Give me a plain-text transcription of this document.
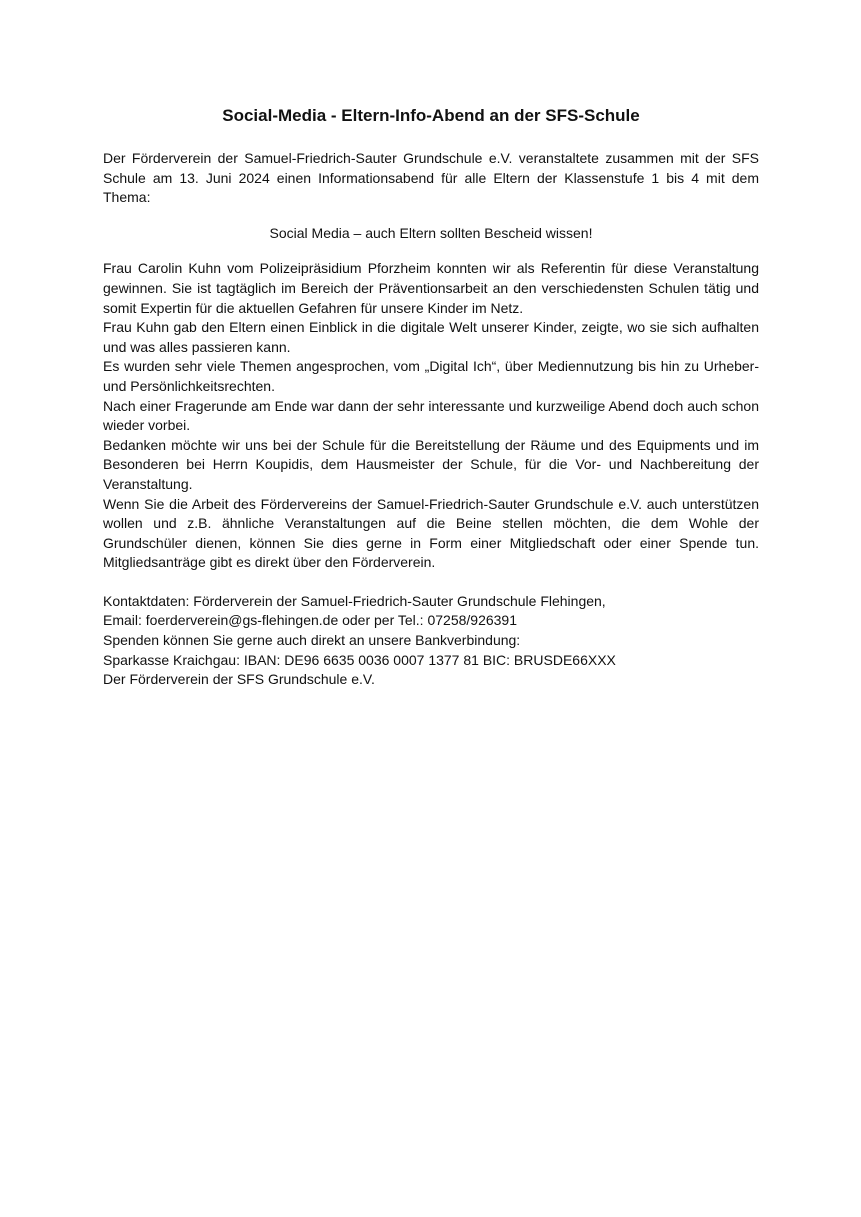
Social-Media - Eltern-Info-Abend an der SFS-Schule

Der Förderverein der Samuel-Friedrich-Sauter Grundschule e.V. veranstaltete zusammen mit der SFS Schule am 13. Juni 2024 einen Informationsabend für alle Eltern der Klassenstufe 1 bis 4 mit dem Thema:

Social Media – auch Eltern sollten Bescheid wissen!

Frau Carolin Kuhn vom Polizeipräsidium Pforzheim konnten wir als Referentin für diese Veranstaltung gewinnen. Sie ist tagtäglich im Bereich der Präventionsarbeit an den verschiedensten Schulen tätig und somit Expertin für die aktuellen Gefahren für unsere Kinder im Netz.

Frau Kuhn gab den Eltern einen Einblick in die digitale Welt unserer Kinder, zeigte, wo sie sich aufhalten und was alles passieren kann.

Es wurden sehr viele Themen angesprochen, vom „Digital Ich“, über Mediennutzung bis hin zu Urheber- und Persönlichkeitsrechten.

Nach einer Fragerunde am Ende war dann der sehr interessante und kurzweilige Abend doch auch schon wieder vorbei.

Bedanken möchte wir uns bei der Schule für die Bereitstellung der Räume und des Equipments und im Besonderen bei Herrn Koupidis, dem Hausmeister der Schule, für die Vor- und Nachbereitung der Veranstaltung.

Wenn Sie die Arbeit des Fördervereins der Samuel-Friedrich-Sauter Grundschule e.V. auch unterstützen wollen und z.B. ähnliche Veranstaltungen auf die Beine stellen möchten, die dem Wohle der Grundschüler dienen, können Sie dies gerne in Form einer Mitgliedschaft oder einer Spende tun. Mitgliedsanträge gibt es direkt über den Förderverein.

Kontaktdaten: Förderverein der Samuel-Friedrich-Sauter Grundschule Flehingen,

Email: foerderverein@gs-flehingen.de oder per Tel.: 07258/926391

Spenden können Sie gerne auch direkt an unsere Bankverbindung:

Sparkasse Kraichgau: IBAN: DE96 6635 0036 0007 1377 81 BIC: BRUSDE66XXX

Der Förderverein der SFS Grundschule e.V.
